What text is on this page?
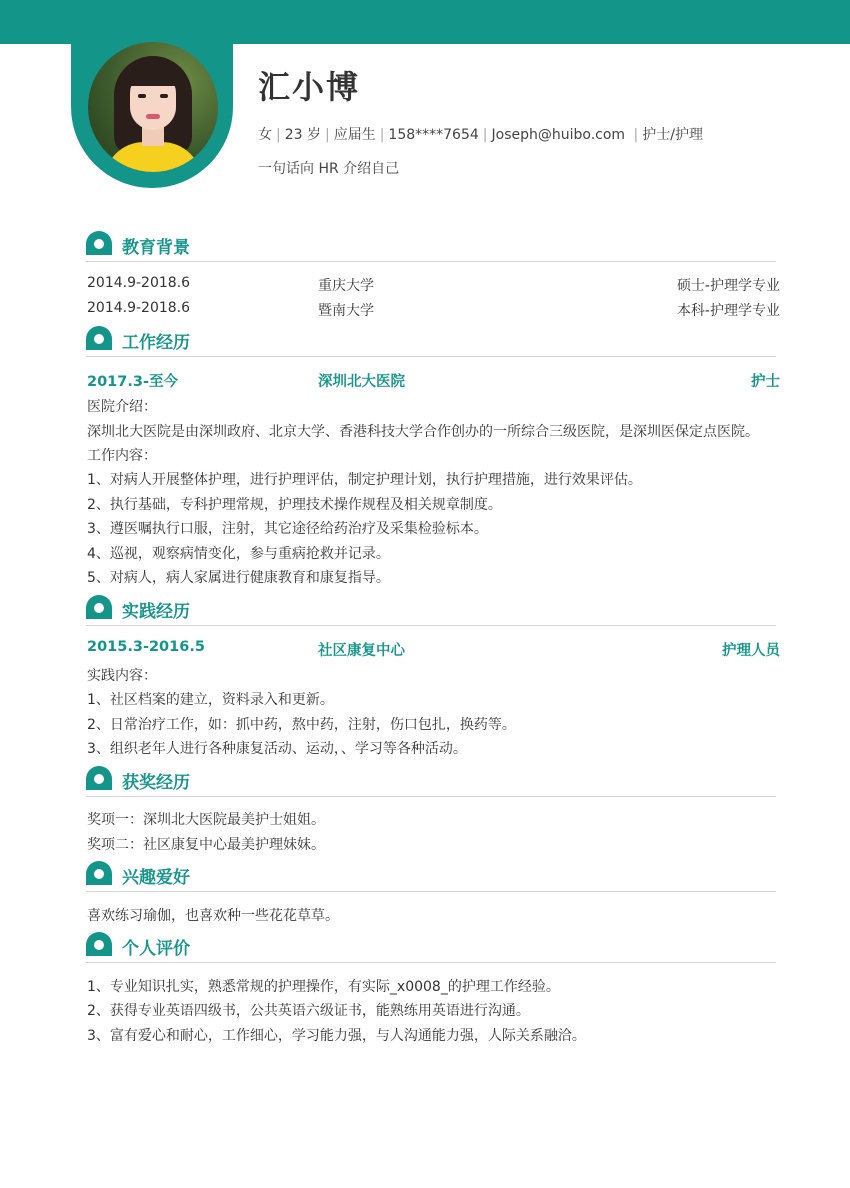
汇小博
女 | 23 岁 | 应届生 | 158****7654 | Joseph@huibo.com | 护士/护理
一句话向 HR 介绍自己
教育背景
2014.9-2018.6	重庆大学	硕士-护理学专业
2014.9-2018.6	暨南大学	本科-护理学专业
工作经历
2017.3-至今	深圳北大医院	护士
医院介绍：
深圳北大医院是由深圳政府、北京大学、香港科技大学合作创办的一所综合三级医院，是深圳医保定点医院。
工作内容：
1、对病人开展整体护理，进行护理评估，制定护理计划，执行护理措施，进行效果评估。
2、执行基础，专科护理常规，护理技术操作规程及相关规章制度。
3、遵医嘱执行口服，注射，其它途径给药治疗及采集检验标本。
4、巡视，观察病情变化，参与重病抢救并记录。
5、对病人，病人家属进行健康教育和康复指导。
实践经历
2015.3-2016.5	社区康复中心	护理人员
实践内容：
1、社区档案的建立，资料录入和更新。
2、日常治疗工作，如：抓中药，熬中药，注射，伤口包扎，换药等。
3、组织老年人进行各种康复活动、运动，、学习等各种活动。
获奖经历
奖项一：深圳北大医院最美护士姐姐。
奖项二：社区康复中心最美护理妹妹。
兴趣爱好
喜欢练习瑜伽，也喜欢种一些花花草草。
个人评价
1、专业知识扎实，熟悉常规的护理操作，有实际_x0008_的护理工作经验。
2、获得专业英语四级书，公共英语六级证书，能熟练用英语进行沟通。
3、富有爱心和耐心，工作细心，学习能力强，与人沟通能力强，人际关系融洽。
